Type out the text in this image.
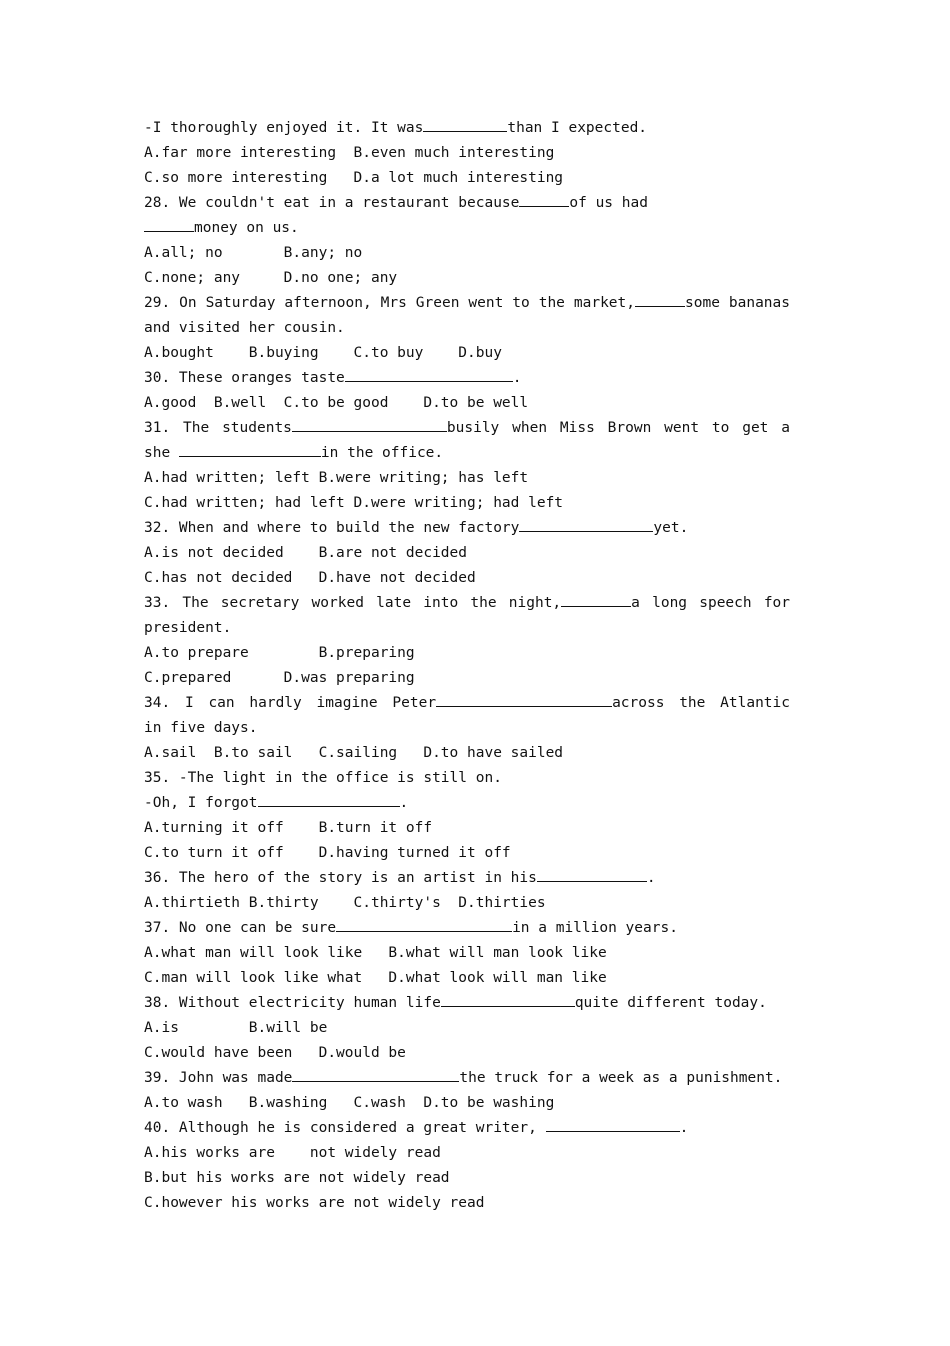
-I thoroughly enjoyed it. It was	than I expected.
A.far more interesting  B.even much interesting
C.so more interesting   D.a lot much interesting
28. We couldn't eat in a restaurant because	of us had
money on us.
A.all; no       B.any; no
C.none; any     D.no one; any
29. On Saturday afternoon, Mrs Green went to the market,	some bananas
and visited her cousin.
A.bought    B.buying    C.to buy    D.buy
30. These oranges taste	.
A.good  B.well  C.to be good    D.to be well
31. The students	busily when Miss Brown went to get a
she	in the office.
A.had written; left B.were writing; has left
C.had written; had left D.were writing; had left
32. When and where to build the new factory	yet.
A.is not decided    B.are not decided
C.has not decided   D.have not decided
33. The secretary worked late into the night,	a long speech for
president.
A.to prepare        B.preparing
C.prepared      D.was preparing
34. I can hardly imagine Peter	across the Atlantic
in five days.
A.sail  B.to sail   C.sailing   D.to have sailed
35. -The light in the office is still on.
-Oh, I forgot	.
A.turning it off    B.turn it off
C.to turn it off    D.having turned it off
36. The hero of the story is an artist in his	.
A.thirtieth B.thirty    C.thirty's  D.thirties
37. No one can be sure	in a million years.
A.what man will look like   B.what will man look like
C.man will look like what   D.what look will man like
38. Without electricity human life	quite different today.
A.is        B.will be
C.would have been   D.would be
39. John was made	the truck for a week as a punishment.
A.to wash   B.washing   C.wash  D.to be washing
40. Although he is considered a great writer,	.
A.his works are    not widely read
B.but his works are not widely read
C.however his works are not widely read
